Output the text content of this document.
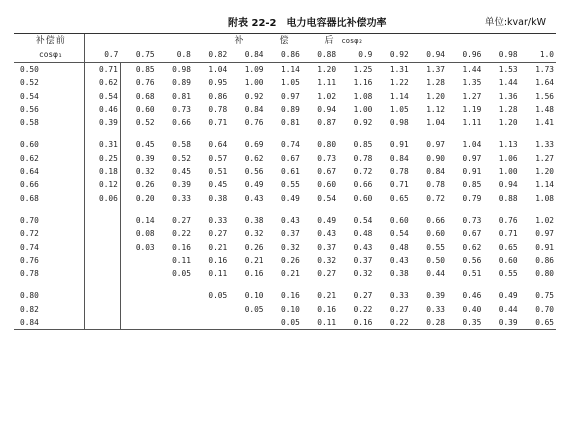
附表 22-2　电力电容器比补偿功率	单位:kvar/kW
补偿前	补 偿 后 cosφ₂												

cosφ₁	0.7	0.75	0.8	0.82	0.84	0.86	0.88	0.9	0.92	0.94	0.96	0.98	1.0
0.50	0.71	0.85	0.98	1.04	1.09	1.14	1.20	1.25	1.31	1.37	1.44	1.53	1.73
0.52	0.62	0.76	0.89	0.95	1.00	1.05	1.11	1.16	1.22	1.28	1.35	1.44	1.64
0.54	0.54	0.68	0.81	0.86	0.92	0.97	1.02	1.08	1.14	1.20	1.27	1.36	1.56
0.56	0.46	0.60	0.73	0.78	0.84	0.89	0.94	1.00	1.05	1.12	1.19	1.28	1.48
0.58	0.39	0.52	0.66	0.71	0.76	0.81	0.87	0.92	0.98	1.04	1.11	1.20	1.41

0.60	0.31	0.45	0.58	0.64	0.69	0.74	0.80	0.85	0.91	0.97	1.04	1.13	1.33
0.62	0.25	0.39	0.52	0.57	0.62	0.67	0.73	0.78	0.84	0.90	0.97	1.06	1.27
0.64	0.18	0.32	0.45	0.51	0.56	0.61	0.67	0.72	0.78	0.84	0.91	1.00	1.20
0.66	0.12	0.26	0.39	0.45	0.49	0.55	0.60	0.66	0.71	0.78	0.85	0.94	1.14
0.68	0.06	0.20	0.33	0.38	0.43	0.49	0.54	0.60	0.65	0.72	0.79	0.88	1.08

0.70		0.14	0.27	0.33	0.38	0.43	0.49	0.54	0.60	0.66	0.73	0.76	1.02
0.72		0.08	0.22	0.27	0.32	0.37	0.43	0.48	0.54	0.60	0.67	0.71	0.97
0.74		0.03	0.16	0.21	0.26	0.32	0.37	0.43	0.48	0.55	0.62	0.65	0.91
0.76			0.11	0.16	0.21	0.26	0.32	0.37	0.43	0.50	0.56	0.60	0.86
0.78			0.05	0.11	0.16	0.21	0.27	0.32	0.38	0.44	0.51	0.55	0.80

0.80				0.05	0.10	0.16	0.21	0.27	0.33	0.39	0.46	0.49	0.75
0.82					0.05	0.10	0.16	0.22	0.27	0.33	0.40	0.44	0.70
0.84						0.05	0.11	0.16	0.22	0.28	0.35	0.39	0.65
